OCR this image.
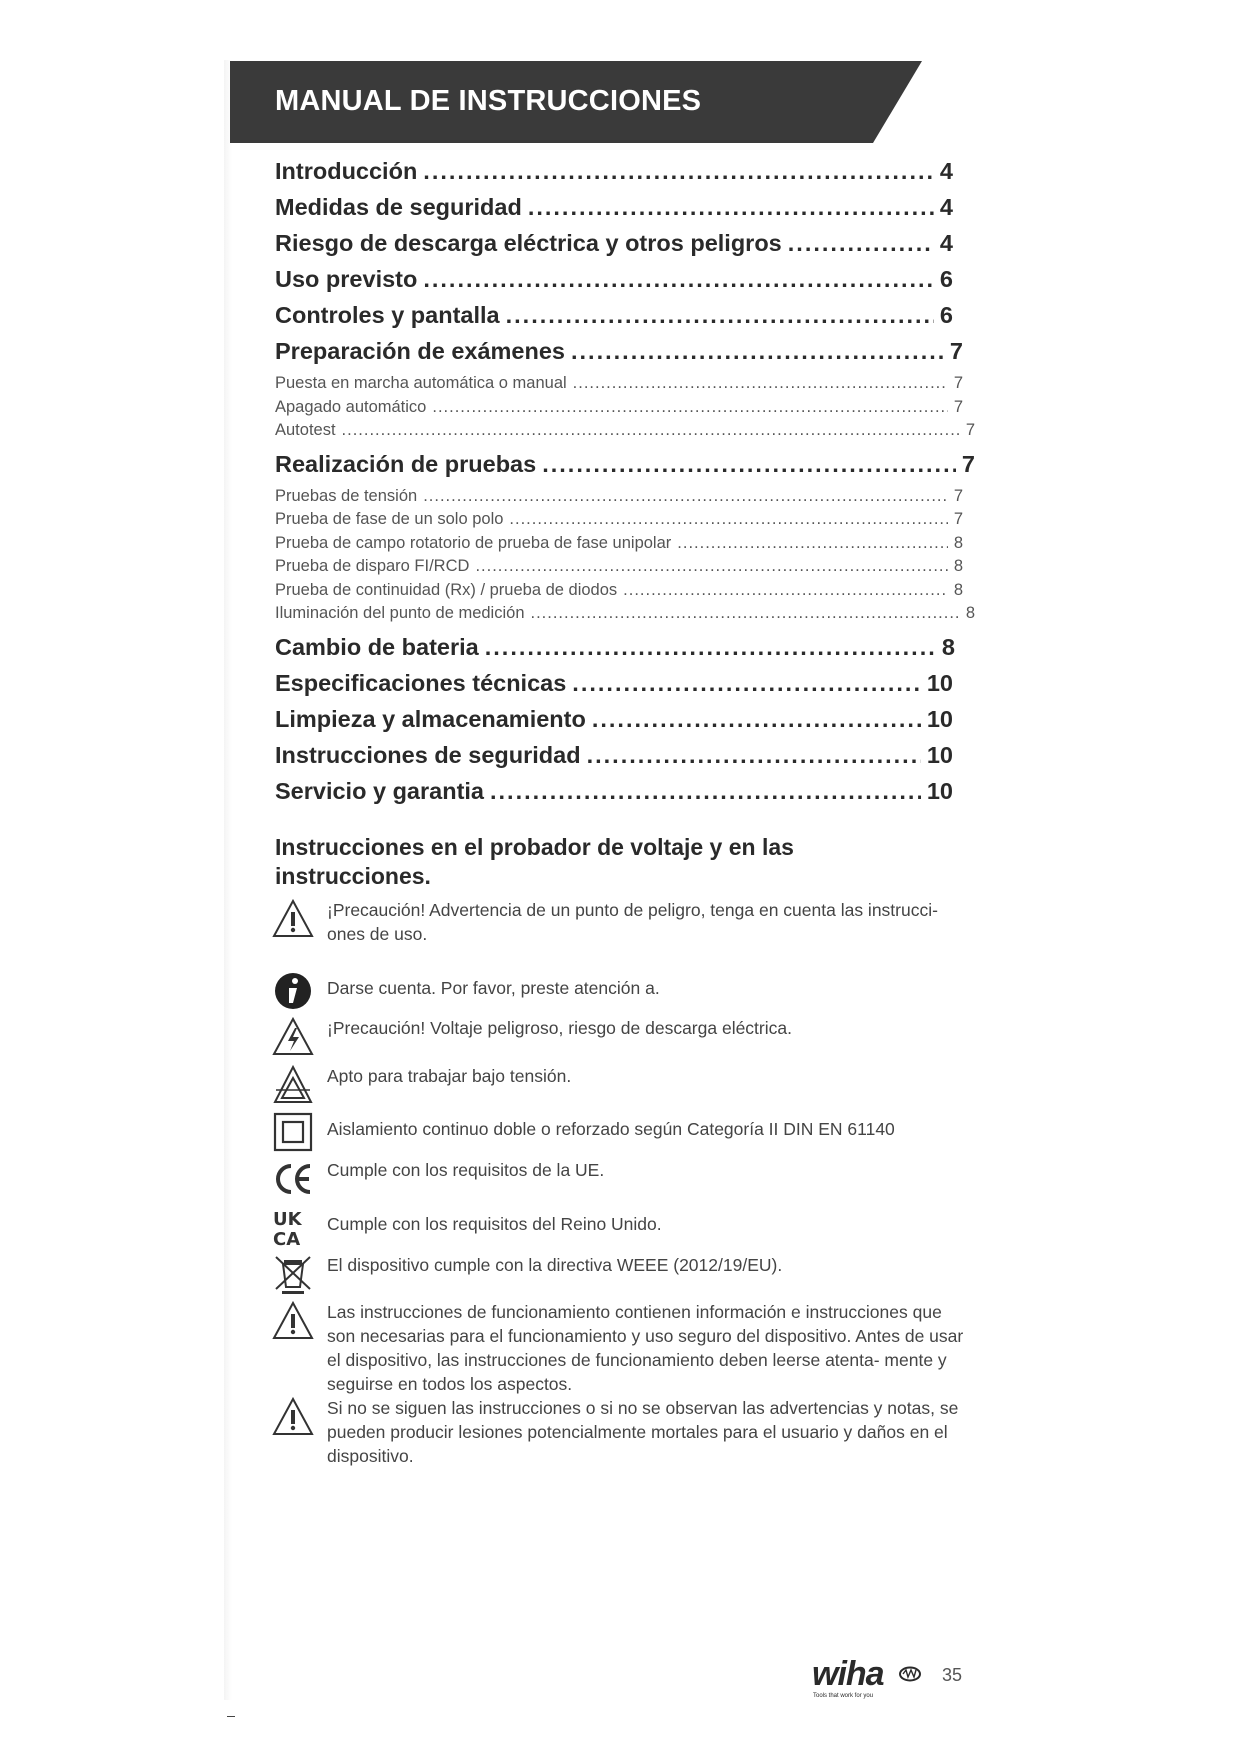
MANUAL DE INSTRUCCIONES
Introducción .....	4
Medidas de seguridad .....	4
Riesgo de descarga eléctrica y otros peligros .....	4
Uso previsto .....	6
Controles y pantalla .....	6
Preparación de exámenes .....	7
Puesta en marcha automática o manual .....	7
Apagado automático .....	7
Autotest .....	7
Realización de pruebas .....	7
Pruebas de tensión .....	7
Prueba de fase de un solo polo .....	7
Prueba de campo rotatorio de prueba de fase unipolar .....	8
Prueba de disparo FI/RCD .....	8
Prueba de continuidad (Rx) / prueba de diodos .....	8
Iluminación del punto de medición .....	8
Cambio de bateria .....	8
Especificaciones técnicas .....	10
Limpieza y almacenamiento .....	10
Instrucciones de seguridad .....	10
Servicio y garantia .....	10
Instrucciones en el probador de voltaje y en las instrucciones.
¡Precaución! Advertencia de un punto de peligro, tenga en cuenta las instrucci- ones de uso.
Darse cuenta. Por favor, preste atención a.
¡Precaución! Voltaje peligroso, riesgo de descarga eléctrica.
Apto para trabajar bajo tensión.
Aislamiento continuo doble o reforzado según Categoría II DIN EN 61140
Cumple con los requisitos de la UE.
UK
CA
Cumple con los requisitos del Reino Unido.
El dispositivo cumple con la directiva WEEE (2012/19/EU).
Las instrucciones de funcionamiento contienen información e instrucciones que son necesarias para el funcionamiento y uso seguro del dispositivo. Antes de usar el dispositivo, las instrucciones de funcionamiento deben leerse atenta- mente y seguirse en todos los aspectos.
Si no se siguen las instrucciones o si no se observan las advertencias y notas, se pueden producir lesiones potencialmente mortales para el usuario y daños en el dispositivo.
wiha
Tools that work for you
35
